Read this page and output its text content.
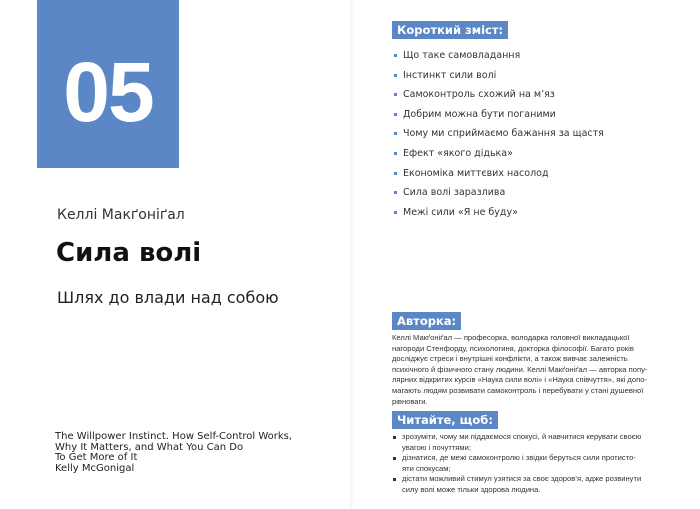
05
Келлі Макґоніґал
Сила волі
Шлях до влади над собою
The Willpower Instinct. How Self-Control Works,
Why It Matters, and What You Can Do
To Get More of It
Kelly McGonigal
Короткий зміст:
Що таке самовладання
Інстинкт сили волі
Самоконтроль схожий на м’яз
Добрим можна бути поганими
Чому ми сприймаємо бажання за щастя
Ефект «якого дідька»
Економіка миттєвих насолод
Сила волі заразлива
Межі сили «Я не буду»
Авторка:
Келлі Макґоніґал — професорка, володарка головної викладацької
нагороди Стенфорду, психологиня, докторка філософії. Багато років
досліджує стреси і внутрішні конфлікти, а також вивчає залежність
психічного й фізичного стану людини. Келлі Макґоніґал — авторка попу-
лярних відкритих курсів «Наука сили волі» і «Наука співчуття», які допо-
магають людям розвивати самоконтроль і перебувати у стані душевної
рівноваги.
Читайте, щоб:
зрозуміти, чому ми піддаємося спокусі, й навчитися керувати своєю
увагою і почуттями;
дізнатися, де межі самоконтролю і звідки беруться сили протисто-
яти спокусам;
дістати можливий стимул узятися за своє здоров’я, адже розвинути
силу волі може тільки здорова людина.
